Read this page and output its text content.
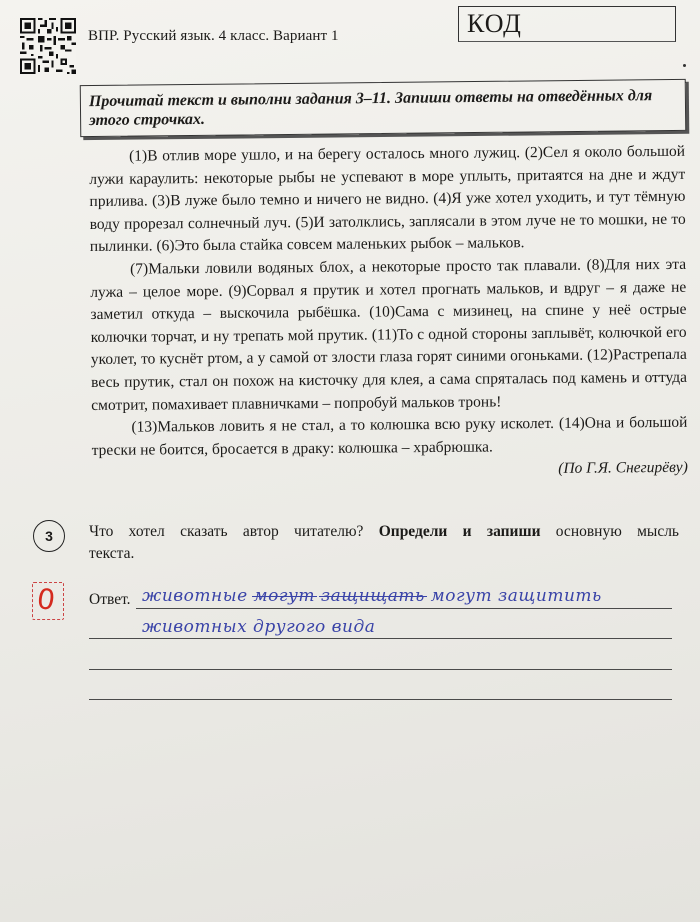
ВПР. Русский язык. 4 класс. Вариант 1	КОД
Прочитай текст и выполни задания 3–11. Запиши ответы на отведённых для этого строчках.

(1)В отлив море ушло, и на берегу осталось много лужиц. (2)Сел я около большой лужи караулить: некоторые рыбы не успевают в море уплыть, притаятся на дне и ждут прилива. (3)В луже было темно и ничего не видно. (4)Я уже хотел уходить, и тут тёмную воду прорезал солнечный луч. (5)И затолклись, заплясали в этом луче не то мошки, не то пылинки. (6)Это была стайка совсем маленьких рыбок – мальков.

(7)Мальки ловили водяных блох, а некоторые просто так плавали. (8)Для них эта лужа – целое море. (9)Сорвал я прутик и хотел прогнать мальков, и вдруг – я даже не заметил откуда – выскочила рыбёшка. (10)Сама с мизинец, на спине у неё острые колючки торчат, и ну трепать мой прутик. (11)То с одной стороны заплывёт, колючкой его уколет, то куснёт ртом, а у самой от злости глаза горят синими огоньками. (12)Растрепала весь прутик, стал он похож на кисточку для клея, а сама спряталась под камень и оттуда смотрит, помахивает плавничками – попробуй мальков тронь!

(13)Мальков ловить я не стал, а то колюшка всю руку исколет. (14)Она и большой трески не боится, бросается в драку: колюшка – храбрюшка.

(По Г.Я. Снегирёву)

3	Что хотел сказать автор читателю? Определи и запиши основную мысль
текста.
0 Ответ. животные могут защищать могут защитить
животных другого вида
